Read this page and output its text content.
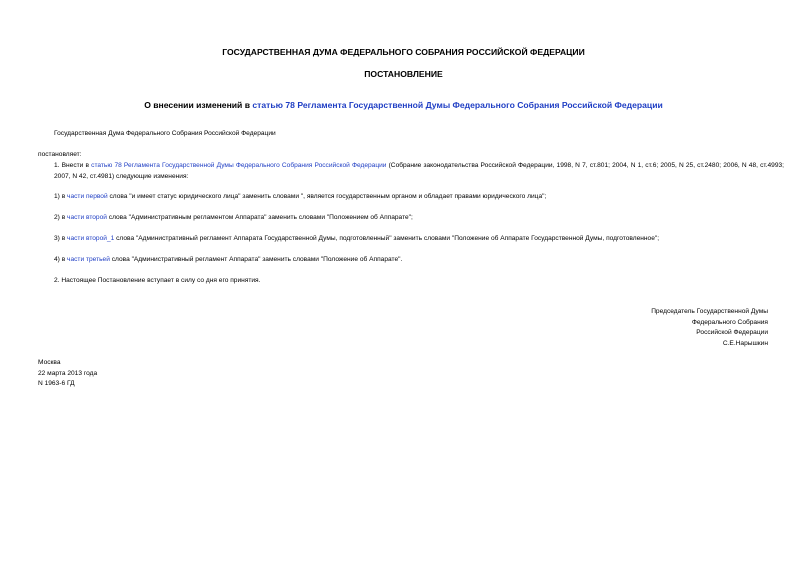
ГОСУДАРСТВЕННАЯ ДУМА ФЕДЕРАЛЬНОГО СОБРАНИЯ РОССИЙСКОЙ ФЕДЕРАЦИИ
ПОСТАНОВЛЕНИЕ
О внесении изменений в статью 78 Регламента Государственной Думы Федерального Собрания Российской Федерации
Государственная Дума Федерального Собрания Российской Федерации
постановляет:
1. Внести в статью 78 Регламента Государственной Думы Федерального Собрания Российской Федерации (Собрание законодательства Российской Федерации, 1998, N 7, ст.801; 2004, N 1, ст.6; 2005, N 25, ст.2480; 2006, N 48, ст.4993; 2007, N 42, ст.4981) следующие изменения:
1) в части первой слова "и имеет статус юридического лица" заменить словами ", является государственным органом и обладает правами юридического лица";
2) в части второй слова "Административным регламентом Аппарата" заменить словами "Положением об Аппарате";
3) в части второй_1 слова "Административный регламент Аппарата Государственной Думы, подготовленный" заменить словами "Положение об Аппарате Государственной Думы, подготовленное";
4) в части третьей слова "Административный регламент Аппарата" заменить словами "Положение об Аппарате".
2. Настоящее Постановление вступает в силу со дня его принятия.
Председатель Государственной Думы
Федерального Собрания
Российской Федерации
С.Е.Нарышкин
Москва
22 марта 2013 года
N 1963-6 ГД
